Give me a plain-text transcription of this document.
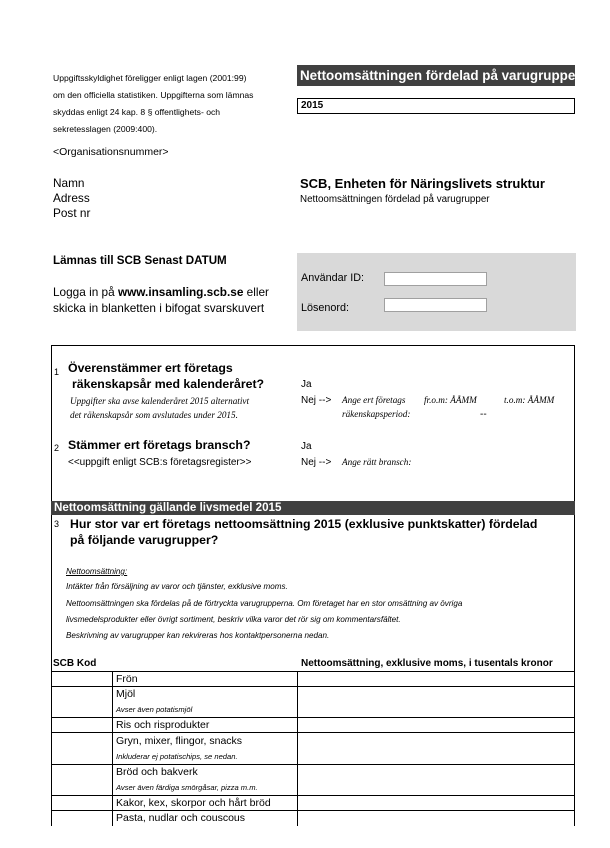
Uppgiftsskyldighet föreligger enligt lagen (2001:99)
om den officiella statistiken. Uppgifterna som lämnas
skyddas enligt 24 kap. 8 § offentlighets- och
sekretesslagen (2009:400).
Nettoomsättningen fördelad på varugrupper
2015
<Organisationsnummer>
Namn
Adress
Post nr
SCB, Enheten för Näringslivets struktur
Nettoomsättningen fördelad på varugrupper
Lämnas till SCB Senast DATUM
Logga in på www.insamling.scb.se eller
skicka in blanketten i bifogat svarskuvert
Användar ID:
Lösenord:
1 Överenstämmer ert företags
räkenskapsår med kalenderåret?
Uppgifter ska avse kalenderåret 2015 alternativt
det räkenskapsår som avslutades under 2015.
Ja
Nej --> Ange ert företags
räkenskapsperiod:
fr.o.m: ÅÅMM	t.o.m: ÅÅMM
--
2 Stämmer ert företags bransch?
<<uppgift enligt SCB:s företagsregister>>
Ja
Nej --> Ange rätt bransch:
Nettoomsättning gällande livsmedel 2015
3 Hur stor var ert företags nettoomsättning 2015 (exklusive punktskatter) fördelad
på följande varugrupper?
Nettoomsättning:
Intäkter från försäljning av varor och tjänster, exklusive moms.
Nettoomsättningen ska fördelas på de förtryckta varugrupperna. Om företaget har en stor omsättning av övriga
livsmedelsprodukter eller övrigt sortiment, beskriv vilka varor det rör sig om kommentarsfältet.
Beskrivning av varugrupper kan rekvireras hos kontaktpersonerna nedan.
SCB Kod	Nettoomsättning, exklusive moms, i tusentals kronor
Frön
Mjöl
Avser även potatismjöl
Ris och risprodukter
Gryn, mixer, flingor, snacks
Inkluderar ej potatischips, se nedan.
Bröd och bakverk
Avser även färdiga smörgåsar, pizza m.m.
Kakor, kex, skorpor och hårt bröd
Pasta, nudlar och couscous
